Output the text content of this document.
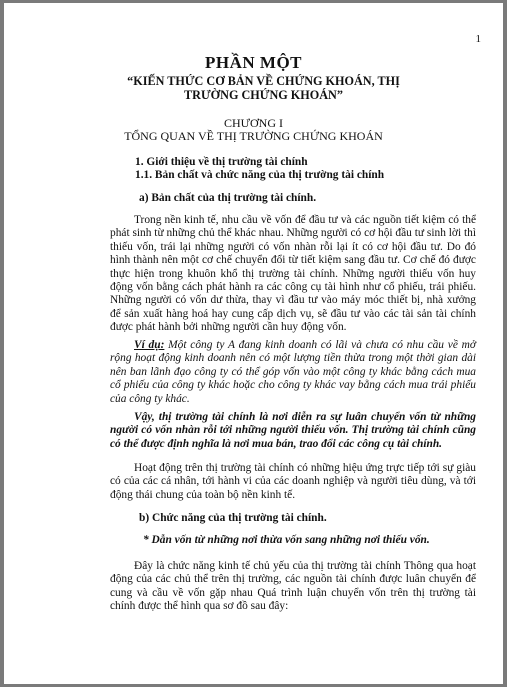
1
PHẦN MỘT
“KIẾN THỨC CƠ BẢN VỀ CHỨNG KHOÁN, THỊ TRƯỜNG CHỨNG KHOÁN”
CHƯƠNG I
TỔNG QUAN VỀ THỊ TRƯỜNG CHỨNG KHOÁN
1. Giới thiệu về thị trường tài chính
1.1. Bản chất và chức năng của thị trường tài chính
a) Bản chất của thị trường tài chính.
Trong nền kinh tế, nhu cầu về vốn để đầu tư và các nguồn tiết kiệm có thể phát sinh từ những chủ thể khác nhau. Những người có cơ hội đầu tư sinh lời thì thiếu vốn, trái lại những người có vốn nhàn rỗi lại ít có cơ hội đầu tư. Do đó hình thành nên một cơ chế chuyển đổi từ tiết kiệm sang đầu tư. Cơ chế đó được thực hiện trong khuôn khổ thị trường tài chính. Những người thiếu vốn huy động vốn bằng cách phát hành ra các công cụ tài hình như cổ phiếu, trái phiếu. Những người có vốn dư thừa, thay vì đầu tư vào máy móc thiết bị, nhà xưởng để sản xuất hàng hoá hay cung cấp dịch vụ, sẽ đầu tư vào các tài sản tài chính được phát hành bởi những người cần huy động vốn.
Ví dụ: Một công ty A đang kinh doanh có lãi và chưa có nhu cầu về mở rộng hoạt động kinh doanh nên có một lượng tiền thừa trong một thời gian dài nên ban lãnh đạo công ty có thể góp vốn vào một công ty khác bằng cách mua cổ phiếu của công ty khác hoặc cho công ty khác vay bằng cách mua trái phiếu của công ty khác.
Vậy, thị trường tài chính là nơi diễn ra sự luân chuyển vốn từ những người có vốn nhàn rỗi tới những người thiếu vốn. Thị trường tài chính cũng có thể được định nghĩa là nơi mua bán, trao đổi các công cụ tài chính.
Hoạt động trên thị trường tài chính có những hiệu ứng trực tiếp tới sự giàu có của các cá nhân, tới hành vi của các doanh nghiệp và người tiêu dùng, và tới động thái chung của toàn bộ nền kinh tế.
b) Chức năng của thị trường tài chính.
* Dẫn vốn từ những nơi thừa vốn sang những nơi thiếu vốn.
Đây là chức năng kinh tế chủ yếu của thị trường tài chính Thông qua hoạt động của các chủ thể trên thị trường, các nguồn tài chính được luân chuyển để cung và cầu về vốn gặp nhau Quá trình luận chuyển vốn trên thị trường tài chính được thể hình qua sơ đồ sau đây:
